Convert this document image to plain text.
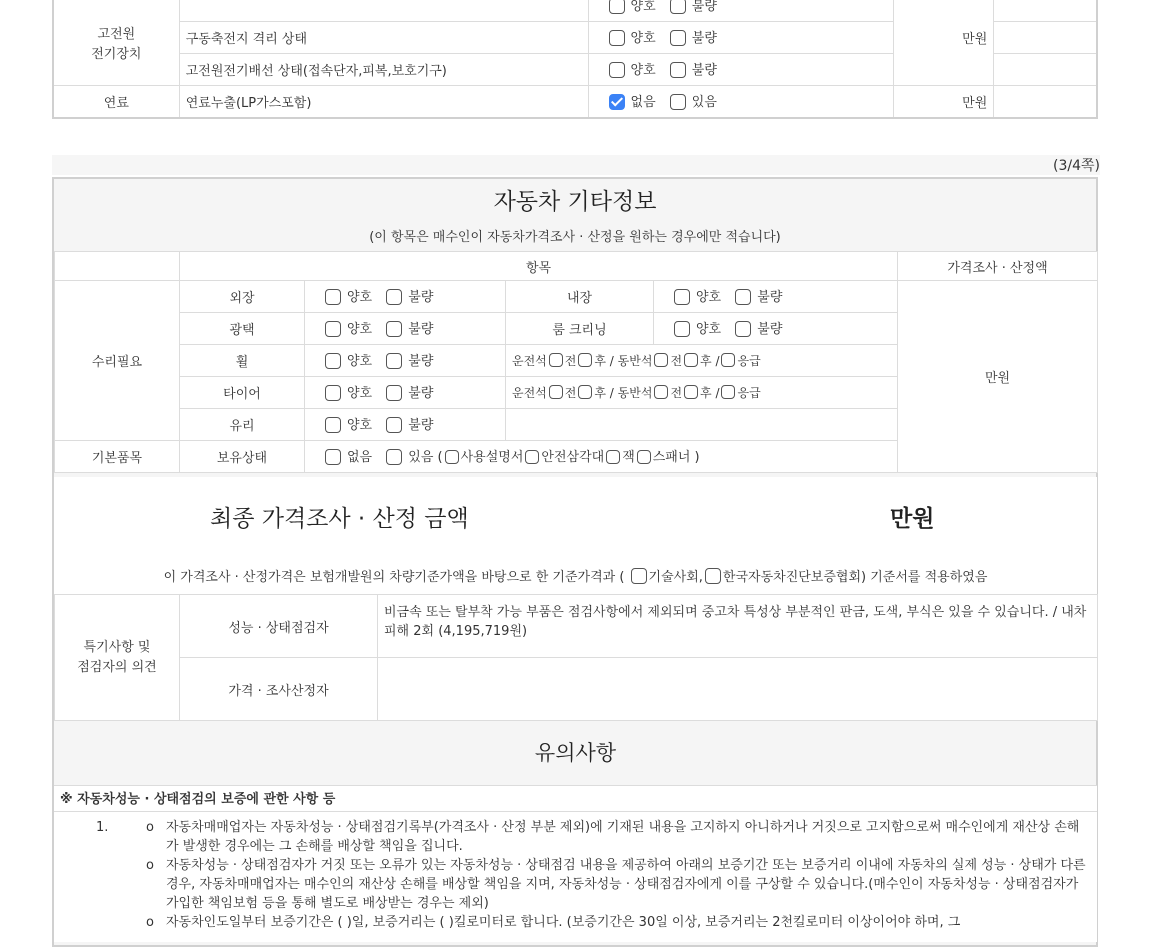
고전원
전기장치		양호 불량	만원	
	구동축전지 격리 상태	양호 불량		
	고전원전기배선 상태(접속단자,피복,보호기구)	양호 불량		
연료	연료누출(LP가스포함)	없음 있음	만원	
(3/4쪽)
자동차 기타정보
(이 항목은 매수인이 자동차가격조사 · 산정을 원하는 경우에만 적습니다)
	항목				가격조사 · 산정액
수리필요	외장	양호 불량	내장	양호 불량	만원
	광택	양호 불량	룸 크리닝	양호 불량	
	휠	양호 불량	운전석 전 후 / 동반석 전 후 / 응급		
	타이어	양호 불량	운전석 전 후 / 동반석 전 후 / 응급		
	유리	양호 불량			
기본품목	보유상태	없음 있음 ( 사용설명서 안전삼각대 잭 스패너 )			
최종 가격조사 · 산정 금액	만원
이 가격조사 · 산정가격은 보험개발원의 차량기준가액을 바탕으로 한 기준가격과 ( 기술사회, 한국자동차진단보증협회) 기준서를 적용하였음
특기사항 및
점검자의 의견	성능 · 상태점검자	비금속 또는 탈부착 가능 부품은 점검사항에서 제외되며 중고차 특성상 부분적인 판금, 도색, 부식은 있을 수 있습니다. / 내차피해 2회 (4,195,719원)
	가격 · 조사산정자	
유의사항
※ 자동차성능 · 상태점검의 보증에 관한 사항 등
1.	o 자동차매매업자는 자동차성능 · 상태점검기록부(가격조사 · 산정 부분 제외)에 기재된 내용을 고지하지 아니하거나 거짓으로 고지함으로써 매수인에게 재산상 손해가 발생한 경우에는 그 손해를 배상할 책임을 집니다.
o 자동차성능 · 상태점검자가 거짓 또는 오류가 있는 자동차성능 · 상태점검 내용을 제공하여 아래의 보증기간 또는 보증거리 이내에 자동차의 실제 성능 · 상태가 다른 경우, 자동차매매업자는 매수인의 재산상 손해를 배상할 책임을 지며, 자동차성능 · 상태점검자에게 이를 구상할 수 있습니다.(매수인이 자동차성능 · 상태점검자가 가입한 책임보험 등을 통해 별도로 배상받는 경우는 제외)
o 자동차인도일부터 보증기간은 ( )일, 보증거리는 ( )킬로미터로 합니다. (보증기간은 30일 이상, 보증거리는 2천킬로미터 이상이어야 하며, 그
